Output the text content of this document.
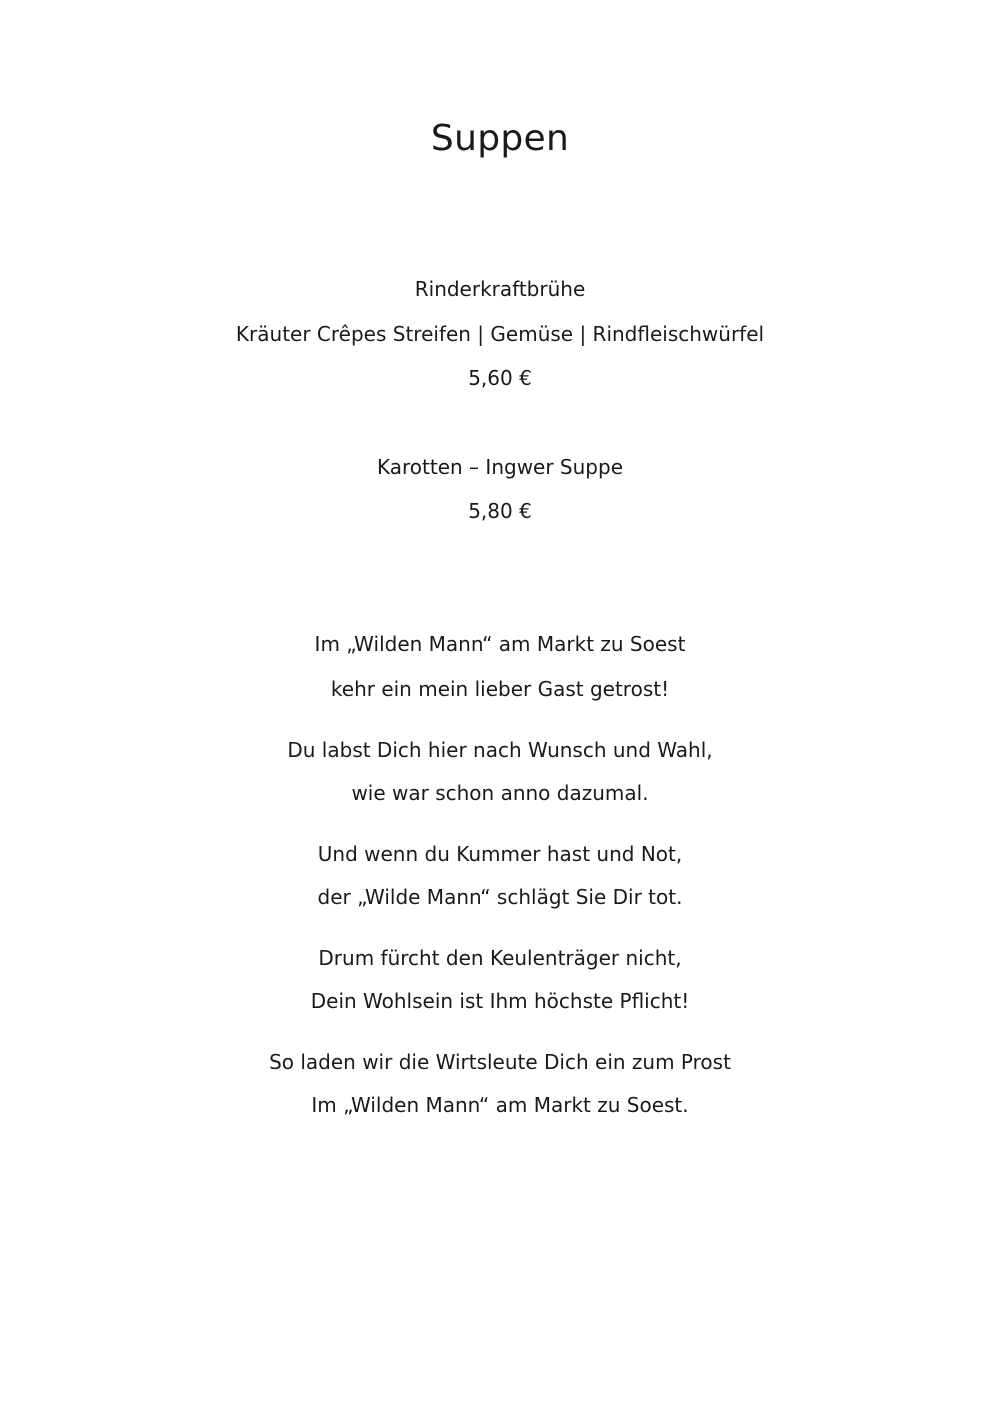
Suppen
Rinderkraftbrühe
Kräuter Crêpes Streifen | Gemüse | Rindfleischwürfel
5,60 €
Karotten – Ingwer Suppe
5,80 €
Im „Wilden Mann“ am Markt zu Soest
kehr ein mein lieber Gast getrost!
Du labst Dich hier nach Wunsch und Wahl,
wie war schon anno dazumal.
Und wenn du Kummer hast und Not,
der „Wilde Mann“ schlägt Sie Dir tot.
Drum fürcht den Keulenträger nicht,
Dein Wohlsein ist Ihm höchste Pflicht!
So laden wir die Wirtsleute Dich ein zum Prost
Im „Wilden Mann“ am Markt zu Soest.
